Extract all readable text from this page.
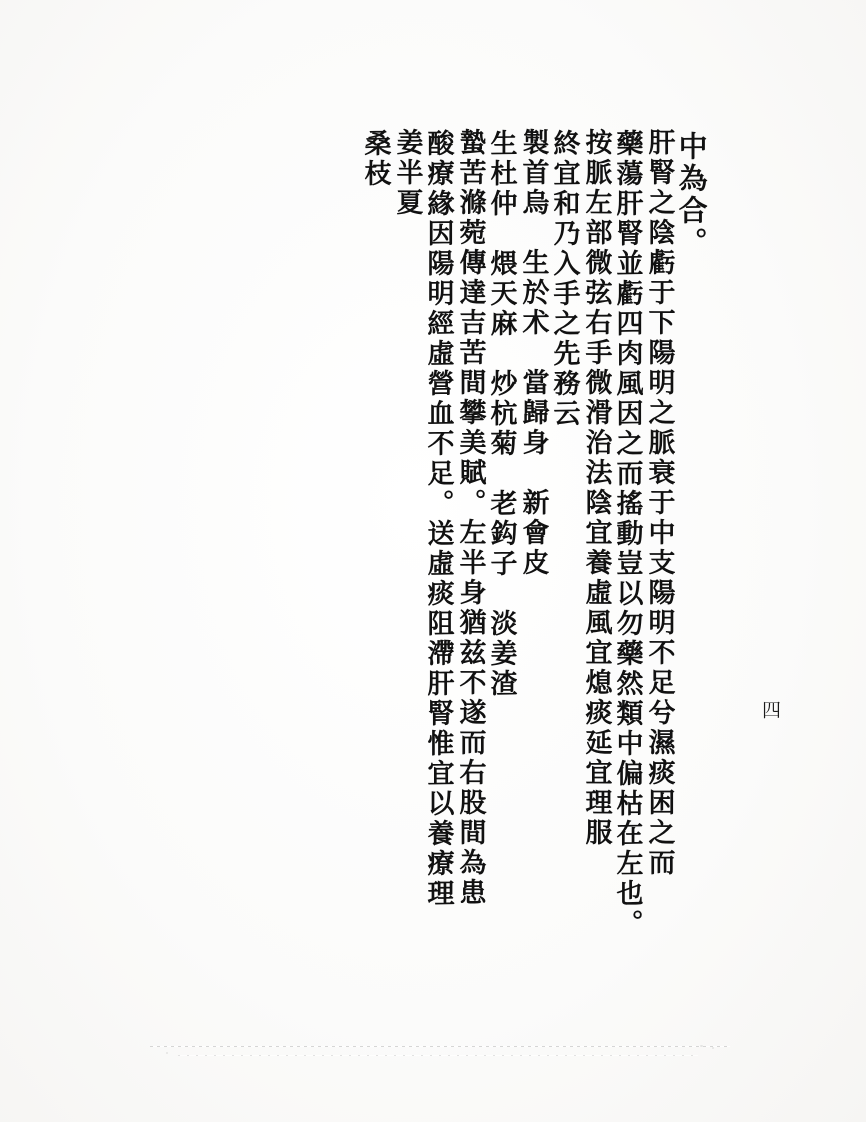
中為合。
肝腎之陰虧于下陽明之脈衰于中支陽明不足兮濕痰困之而
藥蕩肝腎並虧四肉風因之而搖動豈以勿藥然類中偏枯在左也。
按脈左部微弦右手微滑治法陰宜養虛風宜熄痰延宜理服
終宜和乃入手之先務云
製首烏　生於术　當歸身　新會皮
生杜仲　煨天麻　炒杭菊　老鈎子　淡姜渣
蟄苦滌菀傳達吉苦間攀美賦。左半身猶兹不遂而右股間為患
酸療緣因陽明經虛營血不足。送虛痰阻滯肝腎惟宜以養療理
姜半夏
桑枝
四
